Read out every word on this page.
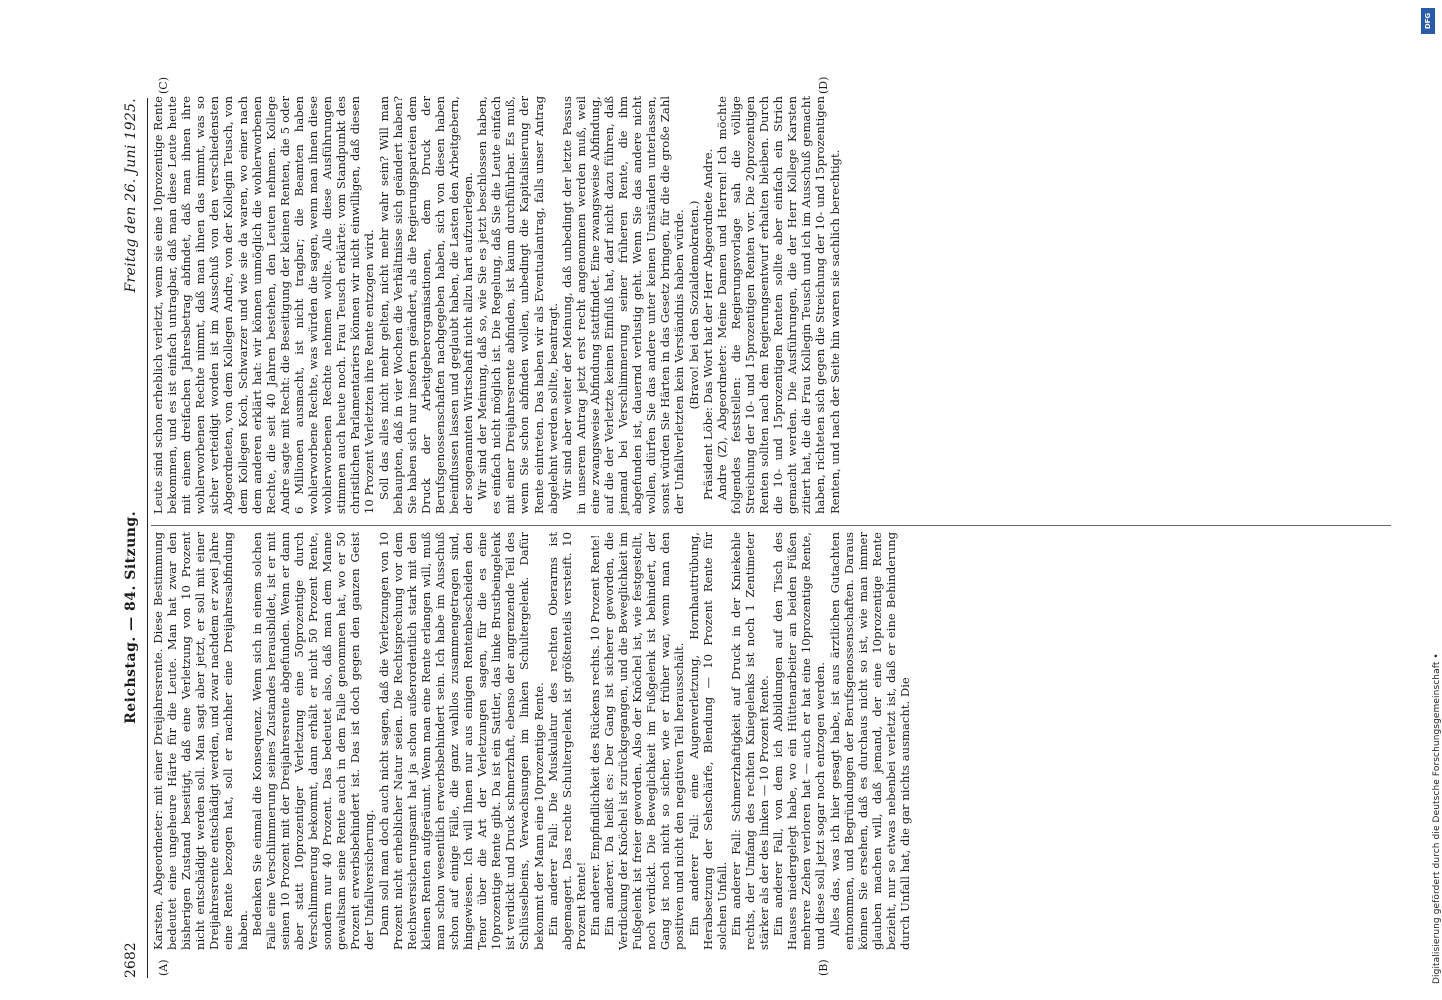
2682
Reichstag. — 84. Sitzung.
Freitag den 26. Juni 1925.
(A)	(B)
(C)	(D)

Karsten, Abgeordneter: mit einer Dreijahresrente. Diese Bestimmung bedeutet eine ungeheure Härte für die Leute. Man hat zwar den bisherigen Zustand beseitigt, daß eine Verletzung von 10 Prozent nicht entschädigt werden soll. Man sagt aber jetzt, er soll mit einer Dreijahresrente entschädigt werden, und zwar nachdem er zwei Jahre eine Rente bezogen hat, soll er nachher eine Dreijahresabfindung haben. Bedenken Sie einmal die Konsequenz. Wenn sich in einem solchen Falle eine Verschlimmerung seines Zustandes herausbildet, ist er mit seinen 10 Prozent mit der Dreijahresrente abgefunden. Wenn er dann aber statt 10prozentiger Verletzung eine 50prozentige durch Verschlimmerung bekommt, dann erhält er nicht 50 Prozent Rente, sondern nur 40 Prozent. Das bedeutet also, daß man dem Manne gewaltsam seine Rente auch in dem Falle genommen hat, wo er 50 Prozent erwerbsbehindert ist. Das ist doch gegen den ganzen Geist der Unfallversicherung. Dann soll man doch auch nicht sagen, daß die Verletzungen von 10 Prozent nicht erheblicher Natur seien. Die Rechtsprechung vor dem Reichsversicherungsamt hat ja schon außerordentlich stark mit den kleinen Renten aufgeräumt. Wenn man eine Rente erlangen will, muß man schon wesentlich erwerbsbehindert sein. Ich habe im Ausschuß schon auf einige Fälle, die ganz wahllos zusammengetragen sind, hingewiesen. Ich will Ihnen nur aus einigen Rentenbescheiden den Tenor über die Art der Verletzungen sagen, für die es eine 10prozentige Rente gibt. Da ist ein Sattler, das linke Brustbeingelenk ist verdickt und Druck schmerzhaft, ebenso der angrenzende Teil des Schlüsselbeins, Verwachsungen im linken Schultergelenk. Dafür bekommt der Mann eine 10prozentige Rente. Ein anderer Fall: Die Muskulatur des rechten Oberarms ist abgemagert. Das rechte Schultergelenk ist größtenteils versteift. 10 Prozent Rente! Ein anderer. Empfindlichkeit des Rückens rechts. 10 Prozent Rente! Ein anderer. Da heißt es: Der Gang ist sicherer geworden, die Verdickung der Knöchel ist zurückgegangen, und die Beweglichkeit im Fußgelenk ist freier geworden. Also der Knöchel ist, wie festgestellt, noch verdickt. Die Beweglichkeit im Fußgelenk ist behindert, der Gang ist noch nicht so sicher, wie er früher war, wenn man den positiven und nicht den negativen Teil herausschält. Ein anderer Fall: eine Augenverletzung, Hornhauttrübung, Herabsetzung der Sehschärfe, Blendung — 10 Prozent Rente für solchen Unfall. Ein anderer Fall: Schmerzhaftigkeit auf Druck in der Kniekehle rechts, der Umfang des rechten Kniegelenks ist noch 1 Zentimeter stärker als der des linken — 10 Prozent Rente. Ein anderer Fall, von dem ich Abbildungen auf den Tisch des Hauses niedergelegt habe, wo ein Hüttenarbeiter an beiden Füßen mehrere Zehen verloren hat — auch er hat eine 10prozentige Rente, und diese soll jetzt sogar noch entzogen werden. Alles das, was ich hier gesagt habe, ist aus ärztlichen Gutachten entnommen, und Begründungen der Berufsgenossenschaften. Daraus können Sie ersehen, daß es durchaus nicht so ist, wie man immer glauben machen will, daß jemand, der eine 10prozentige Rente bezieht, nur so etwas nebenbei verletzt ist, daß er eine Behinderung durch Unfall hat, die gar nichts ausmacht. Die

Leute sind schon erheblich verletzt, wenn sie eine 10prozentige Rente bekommen, und es ist einfach untragbar, daß man diese Leute heute mit einem dreifachen Jahresbetrag abfindet, daß man ihnen ihre wohlerworbenen Rechte nimmt, daß man ihnen das nimmt, was so sicher verteidigt worden ist im Ausschuß von den verschiedensten Abgeordneten, von dem Kollegen Andre, von der Kollegin Teusch, von dem Kollegen Koch, Schwarzer und wie sie da waren, wo einer nach dem anderen erklärt hat: wir können unmöglich die wohlerworbenen Rechte, die seit 40 Jahren bestehen, den Leuten nehmen. Kollege Andre sagte mit Recht: die Beseitigung der kleinen Renten, die 5 oder 6 Millionen ausmacht, ist nicht tragbar; die Beamten haben wohlerworbene Rechte, was würden die sagen, wenn man ihnen diese wohlerworbenen Rechte nehmen wollte. Alle diese Ausführungen stimmen auch heute noch. Frau Teusch erklärte: vom Standpunkt des christlichen Parlamentariers können wir nicht einwilligen, daß diesen 10 Prozent Verletzten ihre Rente entzogen wird. Soll das alles nicht mehr gelten, nicht mehr wahr sein? Will man behaupten, daß in vier Wochen die Verhältnisse sich geändert haben? Sie haben sich nur insofern geändert, als die Regierungsparteien dem Druck der Arbeitgeberorganisationen, dem Druck der Berufsgenossenschaften nachgegeben haben, sich von diesen haben beeinflussen lassen und geglaubt haben, die Lasten den Arbeitgebern, der sogenannten Wirtschaft nicht allzu hart aufzuerlegen. Wir sind der Meinung, daß so, wie Sie es jetzt beschlossen haben, es einfach nicht möglich ist. Die Regelung, daß Sie die Leute einfach mit einer Dreijahresrente abfinden, ist kaum durchführbar. Es muß, wenn Sie schon abfinden wollen, unbedingt die Kapitalisierung der Rente eintreten. Das haben wir als Eventualantrag, falls unser Antrag abgelehnt werden sollte, beantragt. Wir sind aber weiter der Meinung, daß unbedingt der letzte Passus in unserem Antrag jetzt erst recht angenommen werden muß, weil eine zwangsweise Abfindung stattfindet. Eine zwangsweise Abfindung, auf die der Verletzte keinen Einfluß hat, darf nicht dazu führen, daß jemand bei Verschlimmerung seiner früheren Rente, die ihm abgefunden ist, dauernd verlustig geht. Wenn Sie das andere nicht wollen, dürfen Sie das andere unter keinen Umständen unterlassen, sonst würden Sie Härten in das Gesetz bringen, für die die große Zahl der Unfallverletzten kein Verständnis haben würde. (Bravo! bei den Sozialdemokraten.) Präsident Löbe: Das Wort hat der Herr Abgeordnete Andre. Andre (Z), Abgeordneter: Meine Damen und Herren! Ich möchte folgendes feststellen: die Regierungsvorlage sah die völlige Streichung der 10- und 15prozentigen Renten vor. Die 20prozentigen Renten sollten nach dem Regierungsentwurf erhalten bleiben. Durch die 10- und 15prozentigen Renten sollte aber einfach ein Strich gemacht werden. Die Ausführungen, die der Herr Kollege Karsten zitiert hat, die die Frau Kollegin Teusch und ich im Ausschuß gemacht haben, richteten sich gegen die Streichung der 10- und 15prozentigen Renten, und nach der Seite hin waren sie sachlich berechtigt.

Digitalisierung gefördert durch die Deutsche Forschungsgemeinschaft •
DFG
